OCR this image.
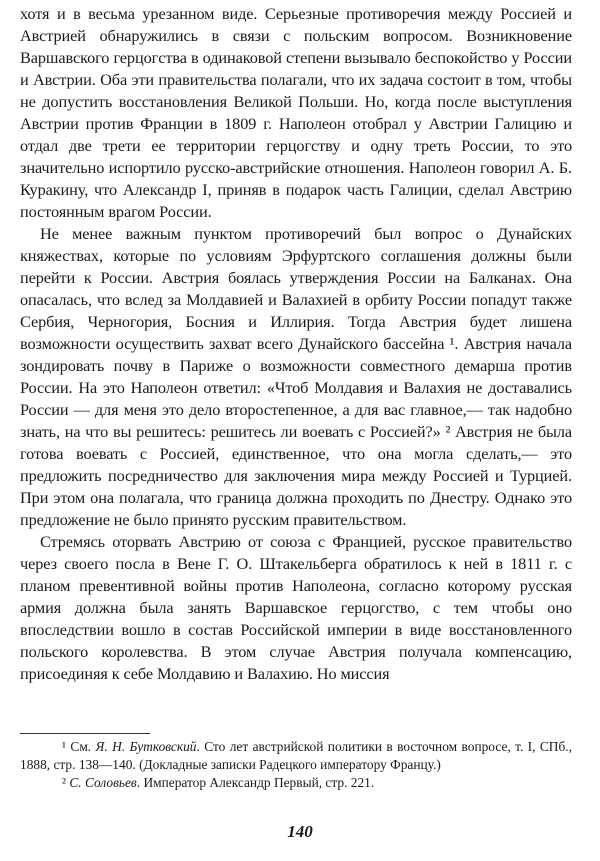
хотя и в весьма урезанном виде. Серьезные противоречия между Россией и Австрией обнаружились в связи с польским вопросом. Возникновение Варшавского герцогства в одинаковой степени вызывало беспокойство у России и Австрии. Оба эти правительства полагали, что их задача состоит в том, чтобы не допустить восстановления Великой Польши. Но, когда после выступления Австрии против Франции в 1809 г. Наполеон отобрал у Австрии Галицию и отдал две трети ее территории герцогству и одну треть России, то это значительно испортило русско-австрийские отношения. Наполеон говорил А. Б. Куракину, что Александр I, приняв в подарок часть Галиции, сделал Австрию постоянным врагом России.

Не менее важным пунктом противоречий был вопрос о Дунайских княжествах, которые по условиям Эрфуртского соглашения должны были перейти к России. Австрия боялась утверждения России на Балканах. Она опасалась, что вслед за Молдавией и Валахией в орбиту России попадут также Сербия, Черногория, Босния и Иллирия. Тогда Австрия будет лишена возможности осуществить захват всего Дунайского бассейна ¹. Австрия начала зондировать почву в Париже о возможности совместного демарша против России. На это Наполеон ответил: «Чтоб Молдавия и Валахия не доставались России — для меня это дело второстепенное, а для вас главное,— так надобно знать, на что вы решитесь: решитесь ли воевать с Россией?» ² Австрия не была готова воевать с Россией, единственное, что она могла сделать,— это предложить посредничество для заключения мира между Россией и Турцией. При этом она полагала, что граница должна проходить по Днестру. Однако это предложение не было принято русским правительством.

Стремясь оторвать Австрию от союза с Францией, русское правительство через своего посла в Вене Г. О. Штакельберга обратилось к ней в 1811 г. с планом превентивной войны против Наполеона, согласно которому русская армия должна была занять Варшавское герцогство, с тем чтобы оно впоследствии вошло в состав Российской империи в виде восстановленного польского королевства. В этом случае Австрия получала компенсацию, присоединяя к себе Молдавию и Валахию. Но миссия

¹ См. Я. Н. Бутковский. Сто лет австрийской политики в восточном вопросе, т. I, СПб., 1888, стр. 138—140. (Докладные записки Радецкого императору Францу.)

² С. Соловьев. Император Александр Первый, стр. 221.

140
